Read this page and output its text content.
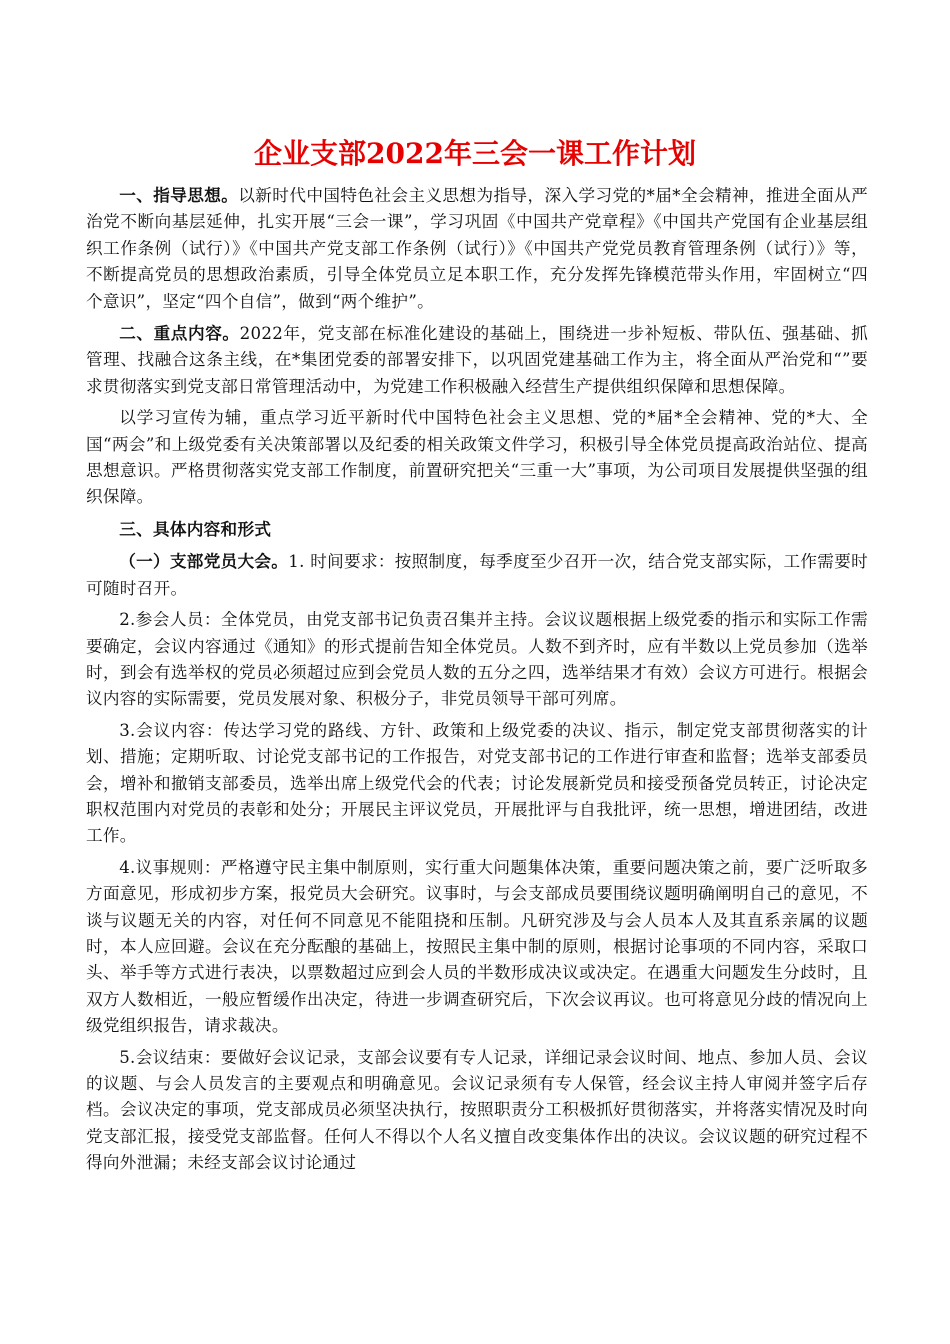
企业支部2022年三会一课工作计划

一、指导思想。以新时代中国特色社会主义思想为指导，深入学习党的*届*全会精神，推进全面从严治党不断向基层延伸，扎实开展“三会一课”，学习巩固《中国共产党章程》《中国共产党国有企业基层组织工作条例（试行）》《中国共产党支部工作条例（试行）》《中国共产党党员教育管理条例（试行）》等，不断提高党员的思想政治素质，引导全体党员立足本职工作，充分发挥先锋模范带头作用，牢固树立“四个意识”，坚定“四个自信”，做到“两个维护”。

二、重点内容。2022年，党支部在标准化建设的基础上，围绕进一步补短板、带队伍、强基础、抓管理、找融合这条主线，在*集团党委的部署安排下，以巩固党建基础工作为主，将全面从严治党和“”要求贯彻落实到党支部日常管理活动中，为党建工作积极融入经营生产提供组织保障和思想保障。

以学习宣传为辅，重点学习近平新时代中国特色社会主义思想、党的*届*全会精神、党的*大、全国“两会”和上级党委有关决策部署以及纪委的相关政策文件学习，积极引导全体党员提高政治站位、提高思想意识。严格贯彻落实党支部工作制度，前置研究把关“三重一大”事项，为公司项目发展提供坚强的组织保障。

三、具体内容和形式

（一）支部党员大会。1. 时间要求：按照制度，每季度至少召开一次，结合党支部实际，工作需要时可随时召开。

2.参会人员：全体党员，由党支部书记负责召集并主持。会议议题根据上级党委的指示和实际工作需要确定，会议内容通过《通知》的形式提前告知全体党员。人数不到齐时，应有半数以上党员参加（选举时，到会有选举权的党员必须超过应到会党员人数的五分之四，选举结果才有效）会议方可进行。根据会议内容的实际需要，党员发展对象、积极分子，非党员领导干部可列席。

3.会议内容：传达学习党的路线、方针、政策和上级党委的决议、指示，制定党支部贯彻落实的计划、措施；定期听取、讨论党支部书记的工作报告，对党支部书记的工作进行审查和监督；选举支部委员会，增补和撤销支部委员，选举出席上级党代会的代表；讨论发展新党员和接受预备党员转正，讨论决定职权范围内对党员的表彰和处分；开展民主评议党员，开展批评与自我批评，统一思想，增进团结，改进工作。

4.议事规则：严格遵守民主集中制原则，实行重大问题集体决策，重要问题决策之前，要广泛听取多方面意见，形成初步方案，报党员大会研究。议事时，与会支部成员要围绕议题明确阐明自己的意见，不谈与议题无关的内容，对任何不同意见不能阻挠和压制。凡研究涉及与会人员本人及其直系亲属的议题时，本人应回避。会议在充分酝酿的基础上，按照民主集中制的原则，根据讨论事项的不同内容，采取口头、举手等方式进行表决，以票数超过应到会人员的半数形成决议或决定。在遇重大问题发生分歧时，且双方人数相近，一般应暂缓作出决定，待进一步调查研究后，下次会议再议。也可将意见分歧的情况向上级党组织报告，请求裁决。

5.会议结束：要做好会议记录，支部会议要有专人记录，详细记录会议时间、地点、参加人员、会议的议题、与会人员发言的主要观点和明确意见。会议记录须有专人保管，经会议主持人审阅并签字后存档。会议决定的事项，党支部成员必须坚决执行，按照职责分工积极抓好贯彻落实，并将落实情况及时向党支部汇报，接受党支部监督。任何人不得以个人名义擅自改变集体作出的决议。会议议题的研究过程不得向外泄漏；未经支部会议讨论通过
